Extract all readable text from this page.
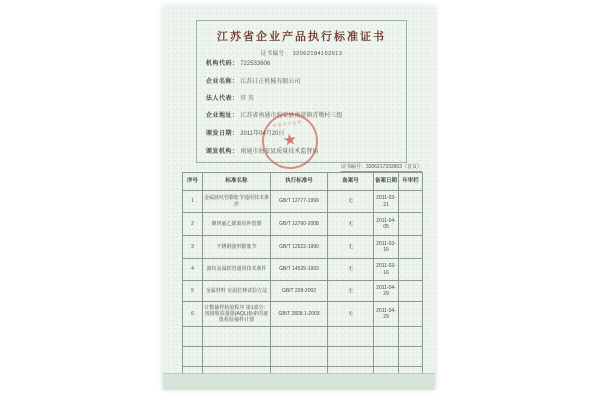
江苏省企业产品执行标准证书
证书编号： 32062184152613
机构代码： 722533606
企业名称： 江苏日正机械有限公司
法人代表： 官 英
企业地址： 江苏省南通市海安县南莫镇青墩村三组
颁发日期： 2011年04月20日
颁发机构： 南通市海安县质量技术监督局
质量技术监督
★
证书编号：3206217333903（首页）
序号	标准名称	执行标准号	备案号	备案日期	年审栏
1	金属波纹管膨胀节通用技术条件	GB/T 12777-1999	无	2011-03-21	
2	聚四氟乙烯波纹补偿器	GB/T 12760-2008	无	2011-04-05	
3	不锈钢波形膨胀节	GB/T 12522-1990	无	2011-03-16	
4	波纹金属软管通用技术条件	GB/T 14525-1993	无	2011-03-16	
5	金属材料 室温拉伸试验方法	GB/T 228-2002	无	2011-04-29	
6	计数抽样检验程序 第1部分：按接收质量限(AQL)检索的逐批检验抽样计划	GB/T 2828.1-2003	无	2011-04-29	
